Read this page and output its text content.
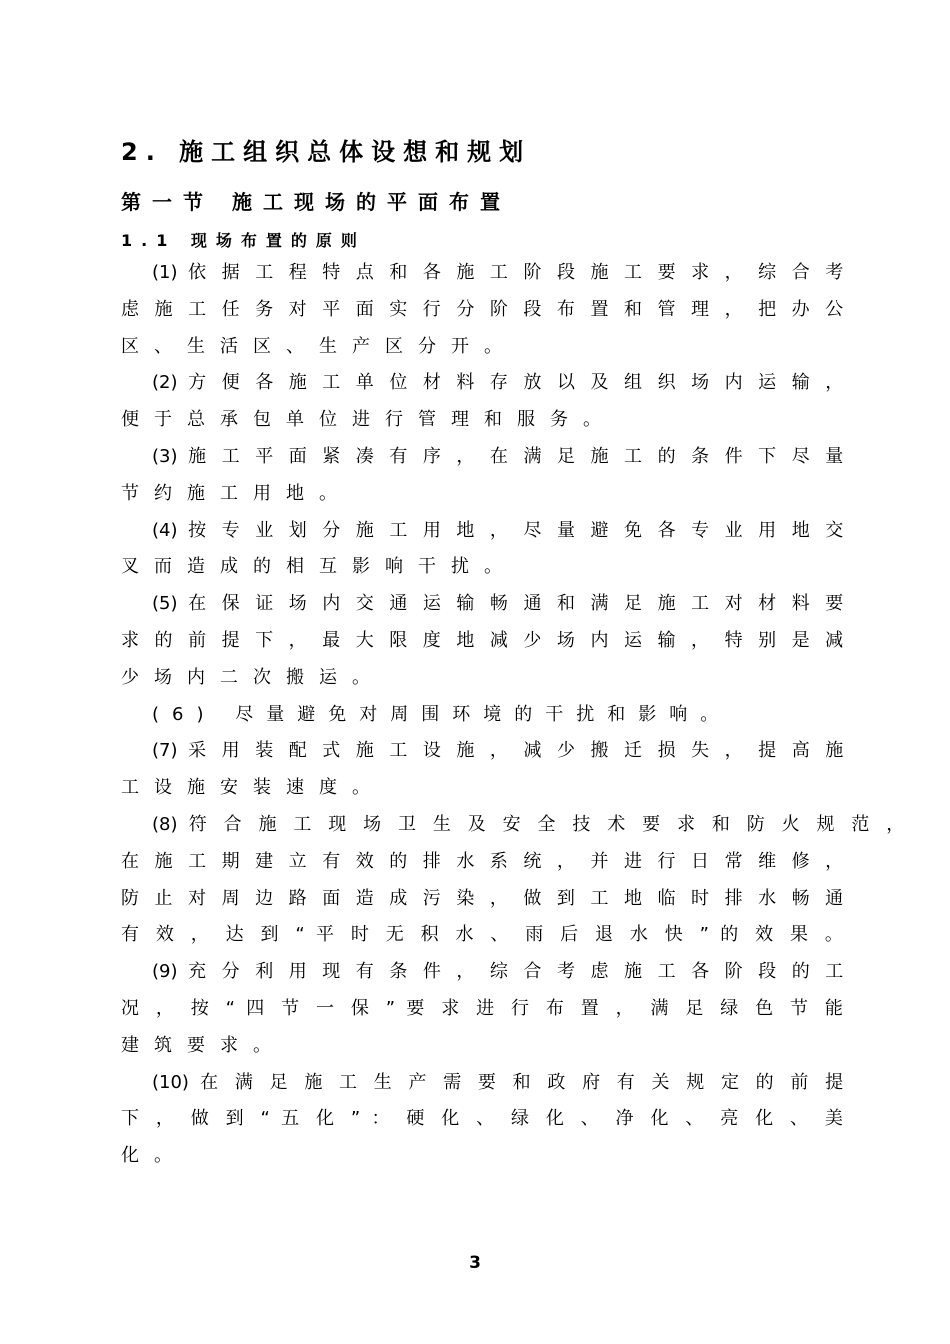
2. 施工组织总体设想和规划
第一节 施工现场的平面布置
1.1 现场布置的原则
(1) 依 据 工 程 特 点 和 各 施 工 阶 段 施 工 要 求 ， 综 合 考
虑 施 工 任 务 对 平 面 实 行 分 阶 段 布 置 和 管 理 ， 把 办 公
区、生活区、生产区分开。
(2) 方 便 各 施 工 单 位 材 料 存 放 以 及 组 织 场 内 运 输 ，
便于总承包单位进行管理和服务。
(3) 施 工 平 面 紧 凑 有 序 ， 在 满 足 施 工 的 条 件 下 尽 量
节约施工用地。
(4) 按 专 业 划 分 施 工 用 地 ， 尽 量 避 免 各 专 业 用 地 交
叉而造成的相互影响干扰。
(5) 在 保 证 场 内 交 通 运 输 畅 通 和 满 足 施 工 对 材 料 要
求 的 前 提 下 ， 最 大 限 度 地 减 少 场 内 运 输 ， 特 别 是 减
少场内二次搬运。
(6) 尽量避免对周围环境的干扰和影响。
(7) 采 用 装 配 式 施 工 设 施 ， 减 少 搬 迁 损 失 ， 提 高 施
工设施安装速度。
(8) 符 合 施 工 现 场 卫 生 及 安 全 技 术 要 求 和 防 火 规 范 ，
在 施 工 期 建 立 有 效 的 排 水 系 统 ， 并 进 行 日 常 维 修 ，
防 止 对 周 边 路 面 造 成 污 染 ， 做 到 工 地 临 时 排 水 畅 通
有 效 ， 达 到 “ 平 时 无 积 水 、 雨 后 退 水 快 ” 的 效 果 。
(9) 充 分 利 用 现 有 条 件 ， 综 合 考 虑 施 工 各 阶 段 的 工
况 ， 按 “ 四 节 一 保 ” 要 求 进 行 布 置 ， 满 足 绿 色 节 能
建筑要求。
(10) 在 满 足 施 工 生 产 需 要 和 政 府 有 关 规 定 的 前 提
下 ， 做 到 “ 五 化 ” ： 硬 化 、 绿 化 、 净 化 、 亮 化 、 美
化。
3
